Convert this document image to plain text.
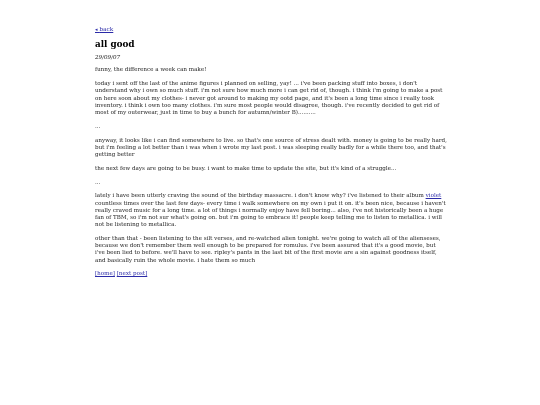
◂ back
all good
29/09/07

funny, the difference a week can make!

today i sent off the last of the anime figures i planned on selling, yay! ... i've been packing stuff into boxes, i don't understand why i own so much stuff. i'm not sure how much more i can get rid of, though. i think i'm going to make a post on here soon about my clothes- i never got around to making my ootd page, and it's been a long time since i really took inventory. i think i own too many clothes. i'm sure most people would disagree, though. i've recently decided to get rid of most of my outerwear, just in time to buy a bunch for autumn/winter B)..........

...

anyway, it looks like i can find somewhere to live. so that's one source of stress dealt with. money is going to be really hard, but i'm feeling a lot better than i was when i wrote my last post. i was sleeping really badly for a while there too, and that's getting better

the next few days are going to be busy. i want to make time to update the site, but it's kind of a struggle...

...

lately i have been utterly craving the sound of the birthday massacre. i don't know why? i've listened to their album violet countless times over the last few days- every time i walk somewhere on my own i put it on. it's been nice, because i haven't really craved music for a long time. a lot of things i normally enjoy have fell boring... also, i've not historically been a huge fan of TBM, so i'm not sur what's going on. but i'm going to embrace it! people keep telling me to listen to metallica. i will not be listening to metallica.

other than that - been listening to the silt verses, and re-watched alien tonight. we're going to watch all of the alienseses, because we don't remember them well enough to be prepared for romulus. i've been assured that it's a good movie, but i've been lied to before. we'll have to see. ripley's pants in the last bit of the first movie are a sin against goodness itself, and basically ruin the whole movie. i hate them so much

[home] [next post]
